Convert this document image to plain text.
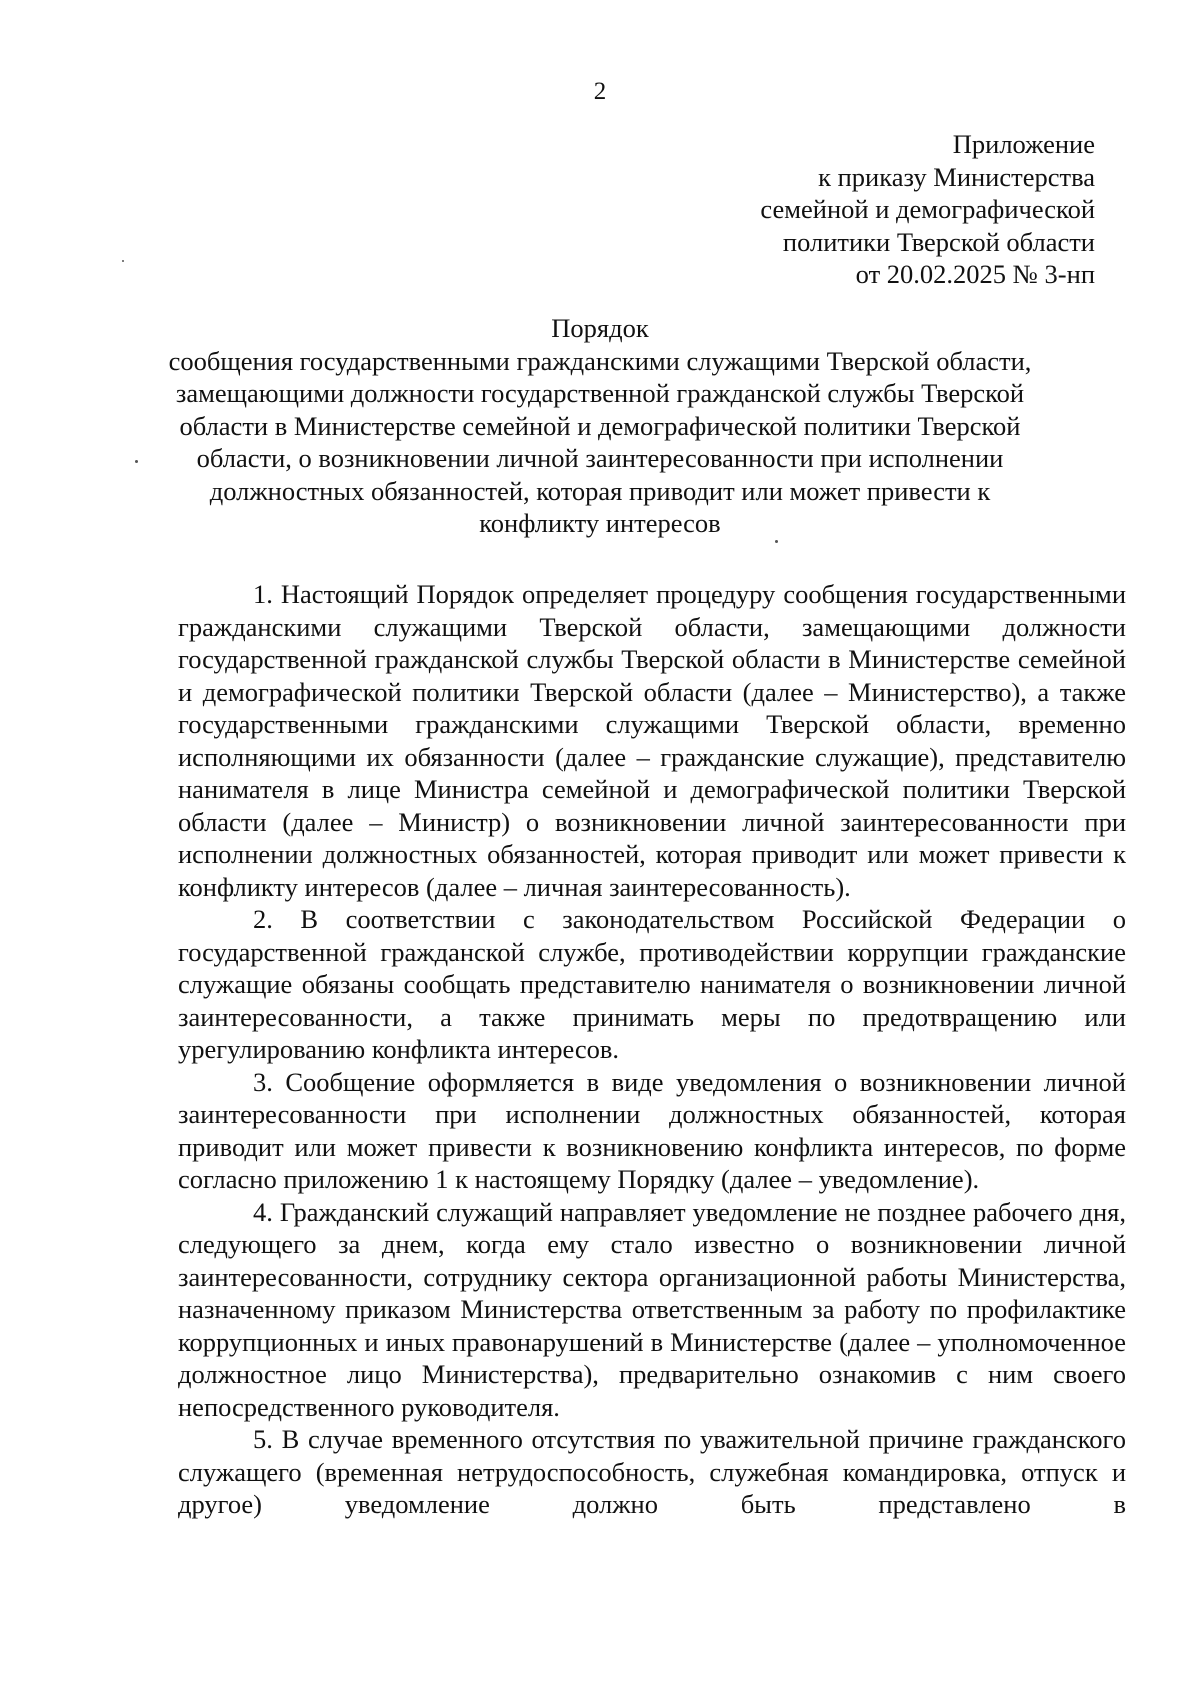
2
Приложение
к приказу Министерства
семейной и демографической
политики Тверской области
от 20.02.2025 № 3-нп
Порядок
сообщения государственными гражданскими служащими Тверской области, замещающими должности государственной гражданской службы Тверской области в Министерстве семейной и демографической политики Тверской области, о возникновении личной заинтересованности при исполнении должностных обязанностей, которая приводит или может привести к конфликту интересов

1. Настоящий Порядок определяет процедуру сообщения государственными гражданскими служащими Тверской области, замещающими должности государственной гражданской службы Тверской области в Министерстве семейной и демографической политики Тверской области (далее – Министерство), а также государственными гражданскими служащими Тверской области, временно исполняющими их обязанности (далее – гражданские служащие), представителю нанимателя в лице Министра семейной и демографической политики Тверской области (далее – Министр) о возникновении личной заинтересованности при исполнении должностных обязанностей, которая приводит или может привести к конфликту интересов (далее – личная заинтересованность).

2. В соответствии с законодательством Российской Федерации о государственной гражданской службе, противодействии коррупции гражданские служащие обязаны сообщать представителю нанимателя о возникновении личной заинтересованности, а также принимать меры по предотвращению или урегулированию конфликта интересов.

3. Сообщение оформляется в виде уведомления о возникновении личной заинтересованности при исполнении должностных обязанностей, которая приводит или может привести к возникновению конфликта интересов, по форме согласно приложению 1 к настоящему Порядку (далее – уведомление).

4. Гражданский служащий направляет уведомление не позднее рабочего дня, следующего за днем, когда ему стало известно о возникновении личной заинтересованности, сотруднику сектора организационной работы Министерства, назначенному приказом Министерства ответственным за работу по профилактике коррупционных и иных правонарушений в Министерстве (далее – уполномоченное должностное лицо Министерства), предварительно ознакомив с ним своего непосредственного руководителя.

5. В случае временного отсутствия по уважительной причине гражданского служащего (временная нетрудоспособность, служебная командировка, отпуск и другое) уведомление должно быть представлено в
